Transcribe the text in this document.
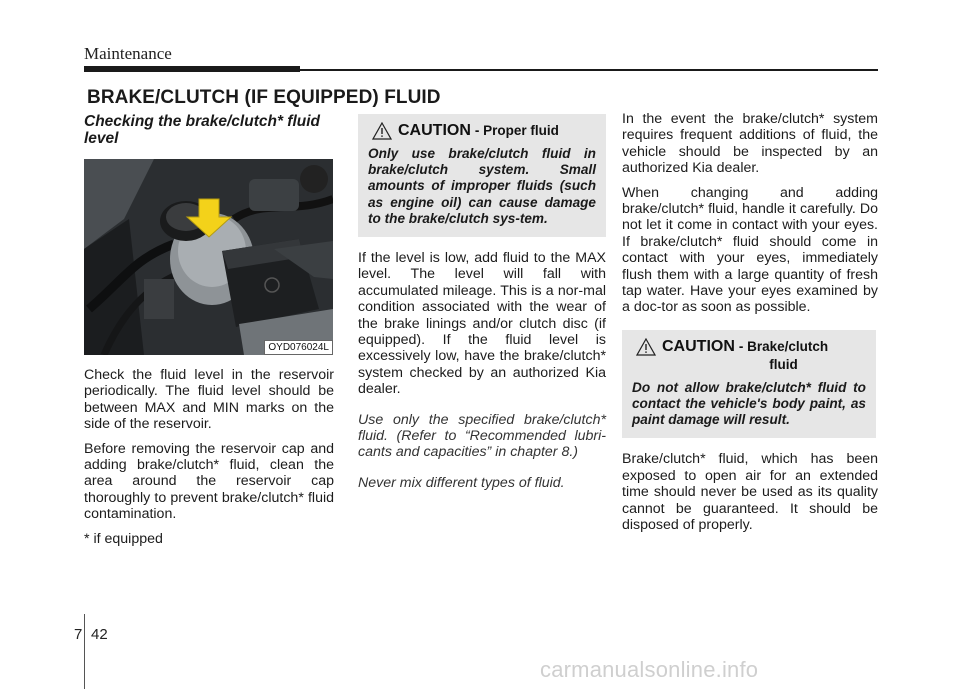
Maintenance
BRAKE/CLUTCH (IF EQUIPPED) FLUID
Checking the brake/clutch* fluid level
OYD076024L

Check the fluid level in the reservoir periodically. The fluid level should be between MAX and MIN marks on the side of the reservoir.

Before removing the reservoir cap and adding brake/clutch* fluid, clean the area around the reservoir cap thoroughly to prevent brake/clutch* fluid contamination.

* if equipped

CAUTION - Proper fluid
Only use brake/clutch fluid in brake/clutch system. Small amounts of improper fluids (such as engine oil) can cause damage to the brake/clutch sys-tem.

If the level is low, add fluid to the MAX level. The level will fall with accumulated mileage. This is a nor-mal condition associated with the wear of the brake linings and/or clutch disc (if equipped). If the fluid level is excessively low, have the brake/clutch* system checked by an authorized Kia dealer.

Use only the specified brake/clutch* fluid. (Refer to “Recommended lubri-cants and capacities” in chapter 8.)

Never mix different types of fluid.

In the event the brake/clutch* system requires frequent additions of fluid, the vehicle should be inspected by an authorized Kia dealer.

When changing and adding brake/clutch* fluid, handle it carefully. Do not let it come in contact with your eyes. If brake/clutch* fluid should come in contact with your eyes, immediately flush them with a large quantity of fresh tap water. Have your eyes examined by a doc-tor as soon as possible.

CAUTION - Brake/clutch
fluid
Do not allow brake/clutch* fluid to contact the vehicle's body paint, as paint damage will result.

Brake/clutch* fluid, which has been exposed to open air for an extended time should never be used as its quality cannot be guaranteed. It should be disposed of properly.

7 42
carmanualsonline.info
